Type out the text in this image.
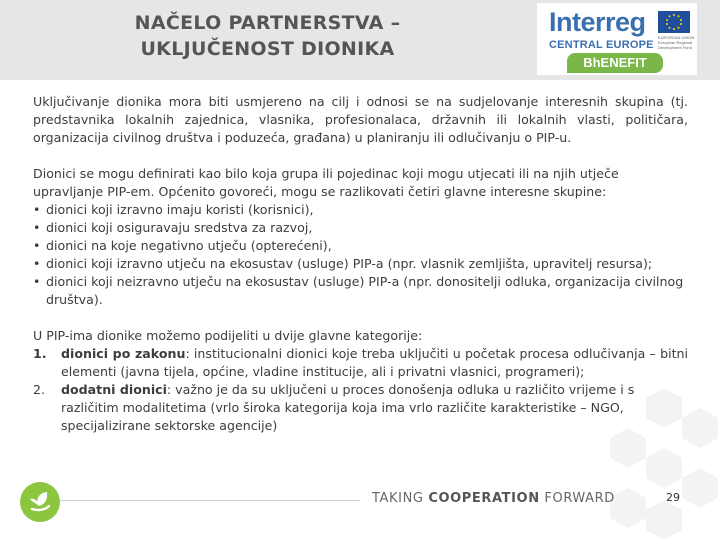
NAČELO PARTNERSTVA –
UKLJUČENOST DIONIKA
Interreg
EUROPEAN UNION European Regional Development Fund
CENTRAL EUROPE
BhENEFIT
Uključivanje dionika mora biti usmjereno na cilj i odnosi se na sudjelovanje interesnih skupina (tj. predstavnika lokalnih zajednica, vlasnika, profesionalaca, državnih ili lokalnih vlasti, političara, organizacija civilnog društva i poduzeća, građana) u planiranju ili odlučivanju o PIP-u.
Dionici se mogu definirati kao bilo koja grupa ili pojedinac koji mogu utjecati ili na njih utječe upravljanje PIP-em. Općenito govoreći, mogu se razlikovati četiri glavne interesne skupine:
• dionici koji izravno imaju koristi (korisnici),
• dionici koji osiguravaju sredstva za razvoj,
• dionici na koje negativno utječu (opterećeni),
• dionici koji izravno utječu na ekosustav (usluge) PIP-a (npr. vlasnik zemljišta, upravitelj resursa);
• dionici koji neizravno utječu na ekosustav (usluge) PIP-a (npr. donositelji odluka, organizacija civilnog društva).
U PIP-ima dionike možemo podijeliti u dvije glavne kategorije:
1.	dionici po zakonu: institucionalni dionici koje treba uključiti u početak procesa odlučivanja – bitni elementi (javna tijela, općine, vladine institucije, ali i privatni vlasnici, programeri);
2.	dodatni dionici: važno je da su uključeni u proces donošenja odluka u različito vrijeme i s različitim modalitetima (vrlo široka kategorija koja ima vrlo različite karakteristike – NGO, specijalizirane sektorske agencije)
TAKING COOPERATION FORWARD	29
